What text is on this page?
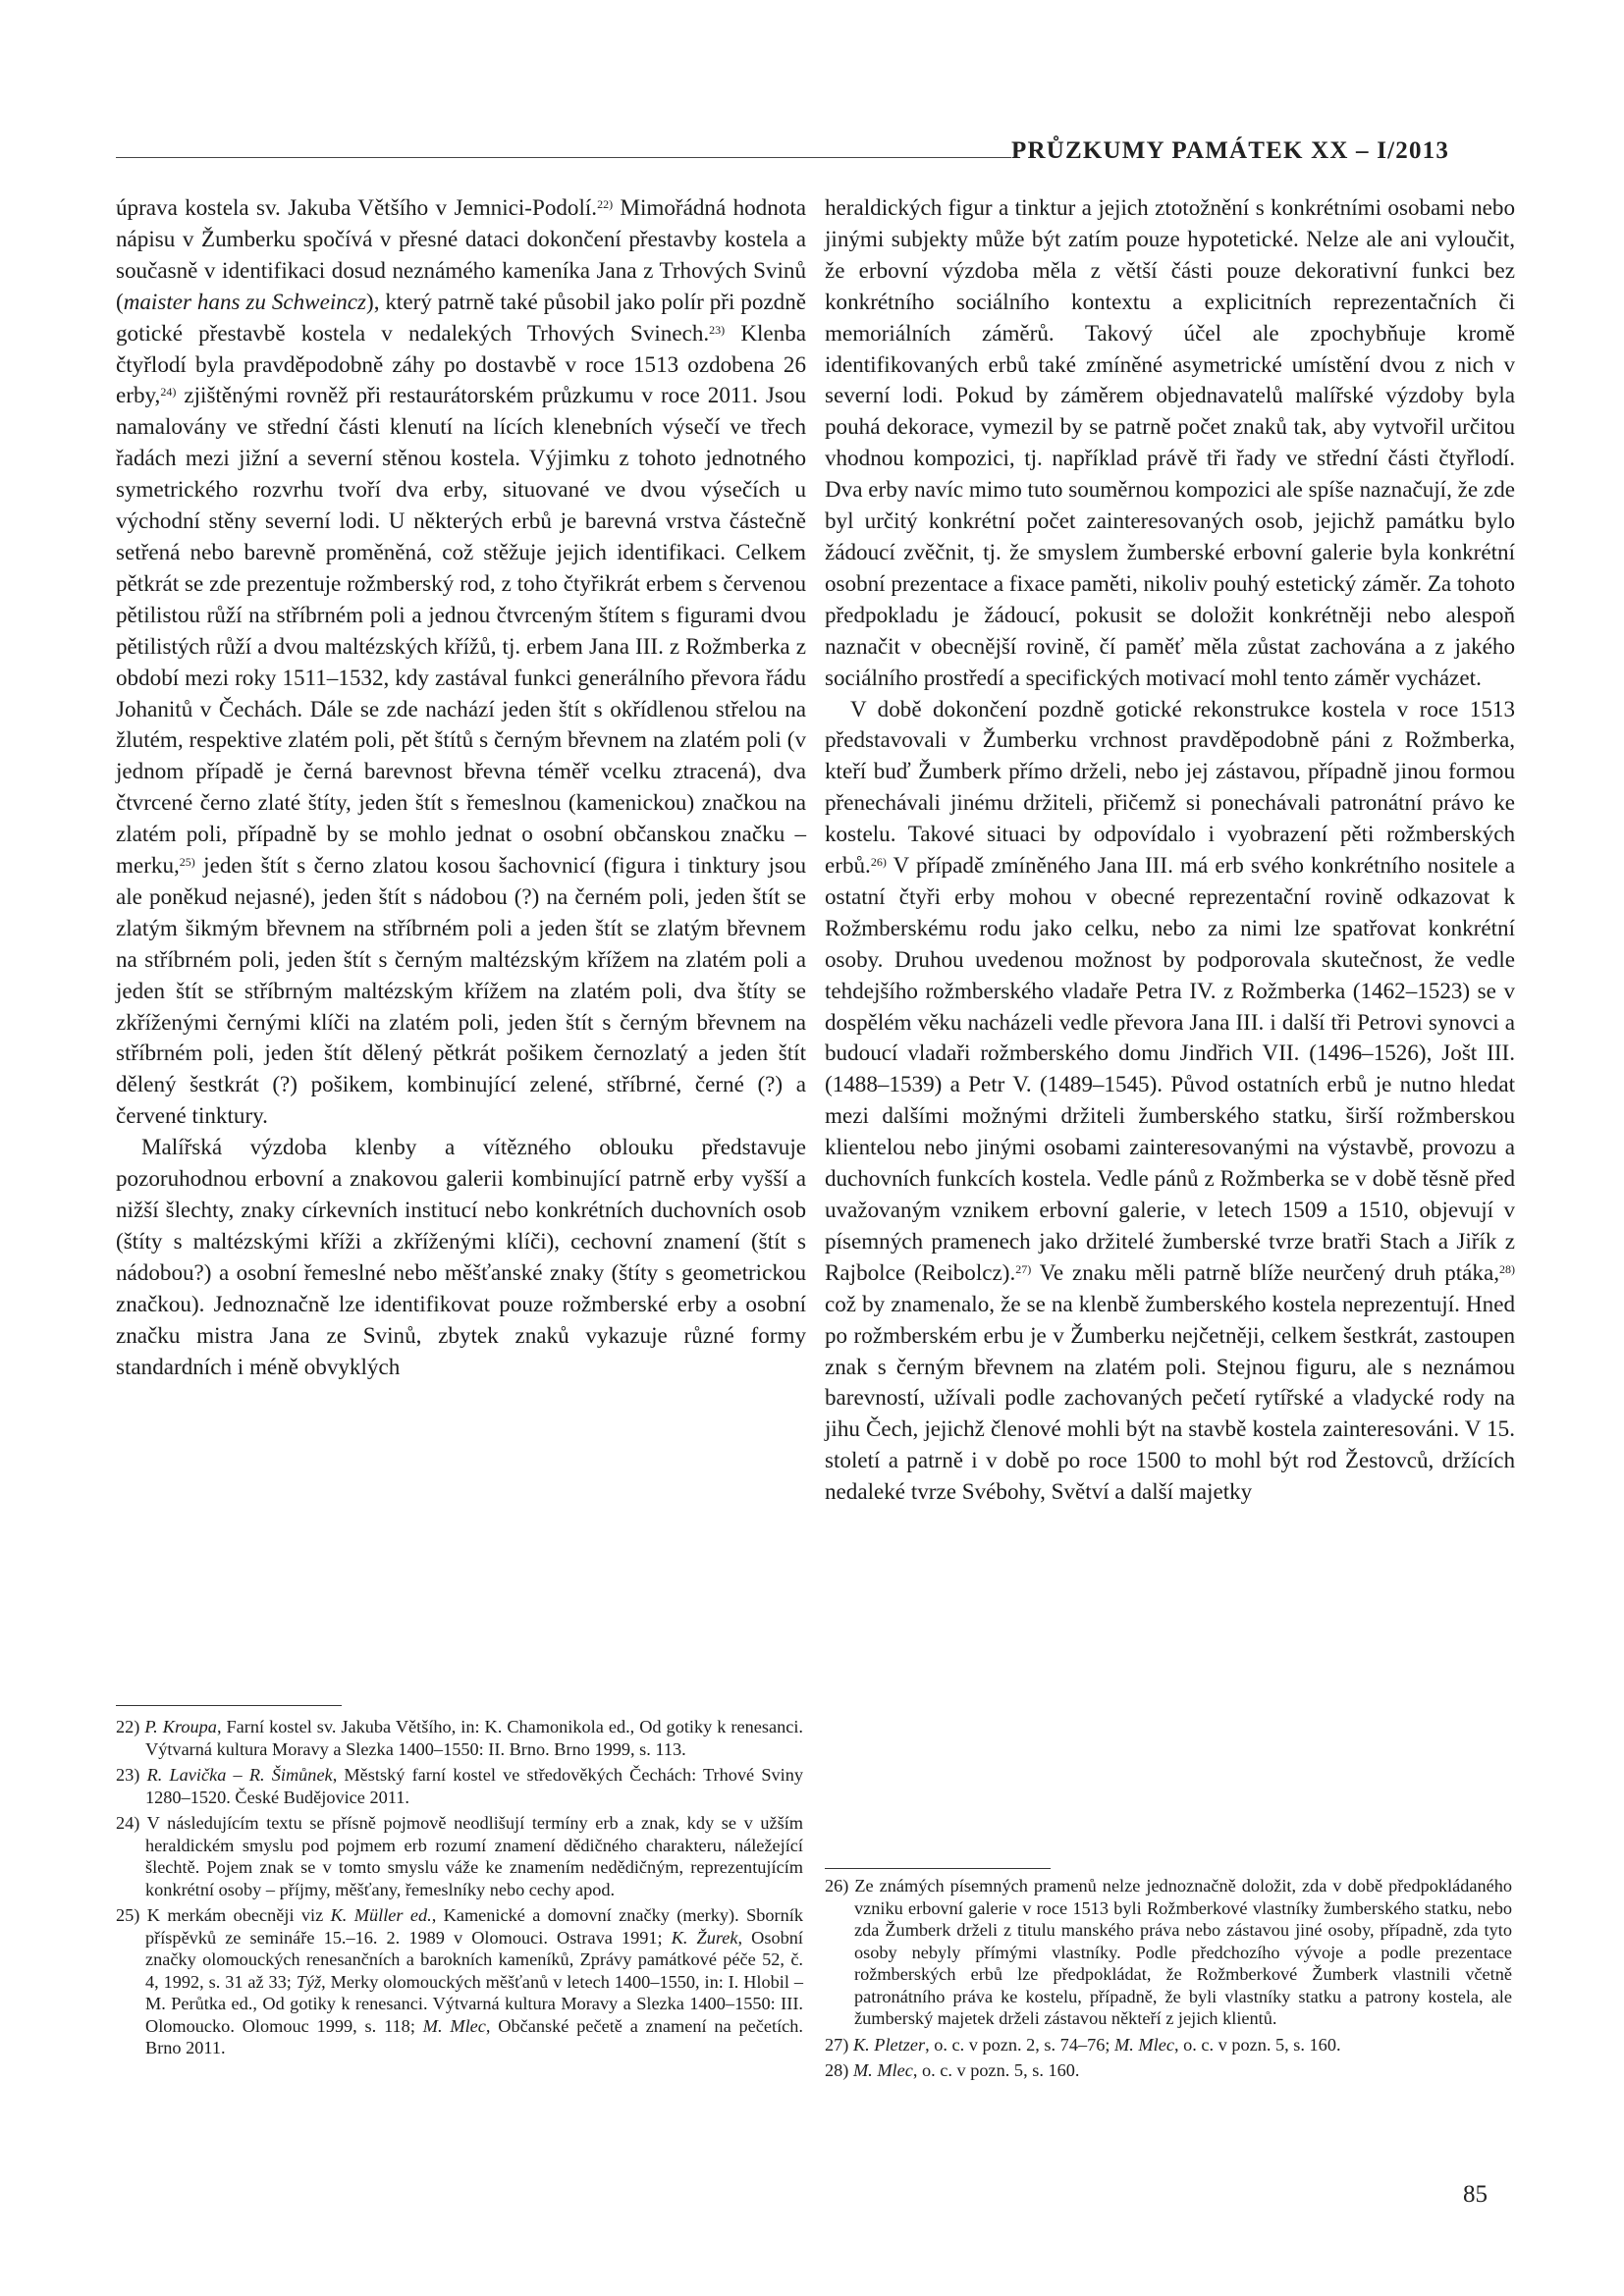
PRŮZKUMY PAMÁTEK XX – I/2013

úprava kostela sv. Jakuba Většího v Jemnici-Podolí.$^{22)}$ Mimořádná hodnota nápisu v Žumberku spočívá v přesné dataci dokončení přestavby kostela a současně v identifikaci dosud neznámého kameníka Jana z Trhových Svinů (maister hans zu Schweincz), který patrně také působil jako polír při pozdně gotické přestavbě kostela v nedalekých Trhových Svinech.$^{23)}$ Klenba čtyřlodí byla pravděpodobně záhy po dostavbě v roce 1513 ozdobena 26 erby,$^{24)}$ zjištěnými rovněž při restaurátorském průzkumu v roce 2011. Jsou namalovány ve střední části klenutí na lících klenebních výsečí ve třech řadách mezi jižní a severní stěnou kostela. Výjimku z tohoto jednotného symetrického rozvrhu tvoří dva erby, situované ve dvou výsečích u východní stěny severní lodi. U některých erbů je barevná vrstva částečně setřená nebo barevně proměněná, což stěžuje jejich identifikaci. Celkem pětkrát se zde prezentuje rožmberský rod, z toho čtyřikrát erbem s červenou pětilistou růží na stříbrném poli a jednou čtvrceným štítem s figurami dvou pětilistých růží a dvou maltézských křížů, tj. erbem Jana III. z Rožmberka z období mezi roky 1511–1532, kdy zastával funkci generálního převora řádu Johanitů v Čechách. Dále se zde nachází jeden štít s okřídlenou střelou na žlutém, respektive zlatém poli, pět štítů s černým břevnem na zlatém poli (v jednom případě je černá barevnost břevna téměř vcelku ztracená), dva čtvrcené černo zlaté štíty, jeden štít s řemeslnou (kamenickou) značkou na zlatém poli, případně by se mohlo jednat o osobní občanskou značku – merku,$^{25)}$ jeden štít s černo zlatou kosou šachovnicí (figura i tinktury jsou ale poněkud nejasné), jeden štít s nádobou (?) na černém poli, jeden štít se zlatým šikmým břevnem na stříbrném poli a jeden štít se zlatým břevnem na stříbrném poli, jeden štít s černým maltézským křížem na zlatém poli a jeden štít se stříbrným maltézským křížem na zlatém poli, dva štíty se zkříženými černými klíči na zlatém poli, jeden štít s černým břevnem na stříbrném poli, jeden štít dělený pětkrát pošikem černozlatý a jeden štít dělený šestkrát (?) pošikem, kombinující zelené, stříbrné, černé (?) a červené tinktury.

Malířská výzdoba klenby a vítězného oblouku představuje pozoruhodnou erbovní a znakovou galerii kombinující patrně erby vyšší a nižší šlechty, znaky církevních institucí nebo konkrétních duchovních osob (štíty s maltézskými kříži a zkříženými klíči), cechovní znamení (štít s nádobou?) a osobní řemeslné nebo měšťanské znaky (štíty s geometrickou značkou). Jednoznačně lze identifikovat pouze rožmberské erby a osobní značku mistra Jana ze Svinů, zbytek znaků vykazuje různé formy standardních i méně obvyklých

22) P. Kroupa, Farní kostel sv. Jakuba Většího, in: K. Chamonikola ed., Od gotiky k renesanci. Výtvarná kultura Moravy a Slezka 1400–1550: II. Brno. Brno 1999, s. 113.

23) R. Lavička – R. Šimůnek, Městský farní kostel ve středověkých Čechách: Trhové Sviny 1280–1520. České Budějovice 2011.

24) V následujícím textu se přísně pojmově neodlišují termíny erb a znak, kdy se v užším heraldickém smyslu pod pojmem erb rozumí znamení dědičného charakteru, náležející šlechtě. Pojem znak se v tomto smyslu váže ke znamením nedědičným, reprezentujícím konkrétní osoby – příjmy, měšťany, řemeslníky nebo cechy apod.

25) K merkám obecněji viz K. Müller ed., Kamenické a domovní značky (merky). Sborník příspěvků ze semináře 15.–16. 2. 1989 v Olomouci. Ostrava 1991; K. Žurek, Osobní značky olomouckých renesančních a barokních kameníků, Zprávy památkové péče 52, č. 4, 1992, s. 31 až 33; Týž, Merky olomouckých měšťanů v letech 1400–1550, in: I. Hlobil – M. Perůtka ed., Od gotiky k renesanci. Výtvarná kultura Moravy a Slezka 1400–1550: III. Olomoucko. Olomouc 1999, s. 118; M. Mlec, Občanské pečetě a znamení na pečetích. Brno 2011.

heraldických figur a tinktur a jejich ztotožnění s konkrétními osobami nebo jinými subjekty může být zatím pouze hypotetické. Nelze ale ani vyloučit, že erbovní výzdoba měla z větší části pouze dekorativní funkci bez konkrétního sociálního kontextu a explicitních reprezentačních či memoriálních záměrů. Takový účel ale zpochybňuje kromě identifikovaných erbů také zmíněné asymetrické umístění dvou z nich v severní lodi. Pokud by záměrem objednavatelů malířské výzdoby byla pouhá dekorace, vymezil by se patrně počet znaků tak, aby vytvořil určitou vhodnou kompozici, tj. například právě tři řady ve střední části čtyřlodí. Dva erby navíc mimo tuto souměrnou kompozici ale spíše naznačují, že zde byl určitý konkrétní počet zainteresovaných osob, jejichž památku bylo žádoucí zvěčnit, tj. že smyslem žumberské erbovní galerie byla konkrétní osobní prezentace a fixace paměti, nikoliv pouhý estetický záměr. Za tohoto předpokladu je žádoucí, pokusit se doložit konkrétněji nebo alespoň naznačit v obecnější rovině, čí paměť měla zůstat zachována a z jakého sociálního prostředí a specifických motivací mohl tento záměr vycházet.

V době dokončení pozdně gotické rekonstrukce kostela v roce 1513 představovali v Žumberku vrchnost pravděpodobně páni z Rožmberka, kteří buď Žumberk přímo drželi, nebo jej zástavou, případně jinou formou přenechávali jinému držiteli, přičemž si ponechávali patronátní právo ke kostelu. Takové situaci by odpovídalo i vyobrazení pěti rožmberských erbů.$^{26)}$ V případě zmíněného Jana III. má erb svého konkrétního nositele a ostatní čtyři erby mohou v obecné reprezentační rovině odkazovat k Rožmberskému rodu jako celku, nebo za nimi lze spatřovat konkrétní osoby. Druhou uvedenou možnost by podporovala skutečnost, že vedle tehdejšího rožmberského vladaře Petra IV. z Rožmberka (1462–1523) se v dospělém věku nacházeli vedle převora Jana III. i další tři Petrovi synovci a budoucí vladaři rožmberského domu Jindřich VII. (1496–1526), Jošt III. (1488–1539) a Petr V. (1489–1545). Původ ostatních erbů je nutno hledat mezi dalšími možnými držiteli žumberského statku, širší rožmberskou klientelou nebo jinými osobami zainteresovanými na výstavbě, provozu a duchovních funkcích kostela. Vedle pánů z Rožmberka se v době těsně před uvažovaným vznikem erbovní galerie, v letech 1509 a 1510, objevují v písemných pramenech jako držitelé žumberské tvrze bratři Stach a Jiřík z Rajbolce (Reibolcz).$^{27)}$ Ve znaku měli patrně blíže neurčený druh ptáka,$^{28)}$ což by znamenalo, že se na klenbě žumberského kostela neprezentují. Hned po rožmberském erbu je v Žumberku nejčetněji, celkem šestkrát, zastoupen znak s černým břevnem na zlatém poli. Stejnou figuru, ale s neznámou barevností, užívali podle zachovaných pečetí rytířské a vladycké rody na jihu Čech, jejichž členové mohli být na stavbě kostela zainteresováni. V 15. století a patrně i v době po roce 1500 to mohl být rod Žestovců, držících nedaleké tvrze Svébohy, Světví a další majetky

26) Ze známých písemných pramenů nelze jednoznačně doložit, zda v době předpokládaného vzniku erbovní galerie v roce 1513 byli Rožmberkové vlastníky žumberského statku, nebo zda Žumberk drželi z titulu manského práva nebo zástavou jiné osoby, případně, zda tyto osoby nebyly přímými vlastníky. Podle předchozího vývoje a podle prezentace rožmberských erbů lze předpokládat, že Rožmberkové Žumberk vlastnili včetně patronátního práva ke kostelu, případně, že byli vlastníky statku a patrony kostela, ale žumberský majetek drželi zástavou někteří z jejich klientů.

27) K. Pletzer, o. c. v pozn. 2, s. 74–76; M. Mlec, o. c. v pozn. 5, s. 160.

28) M. Mlec, o. c. v pozn. 5, s. 160.

85
